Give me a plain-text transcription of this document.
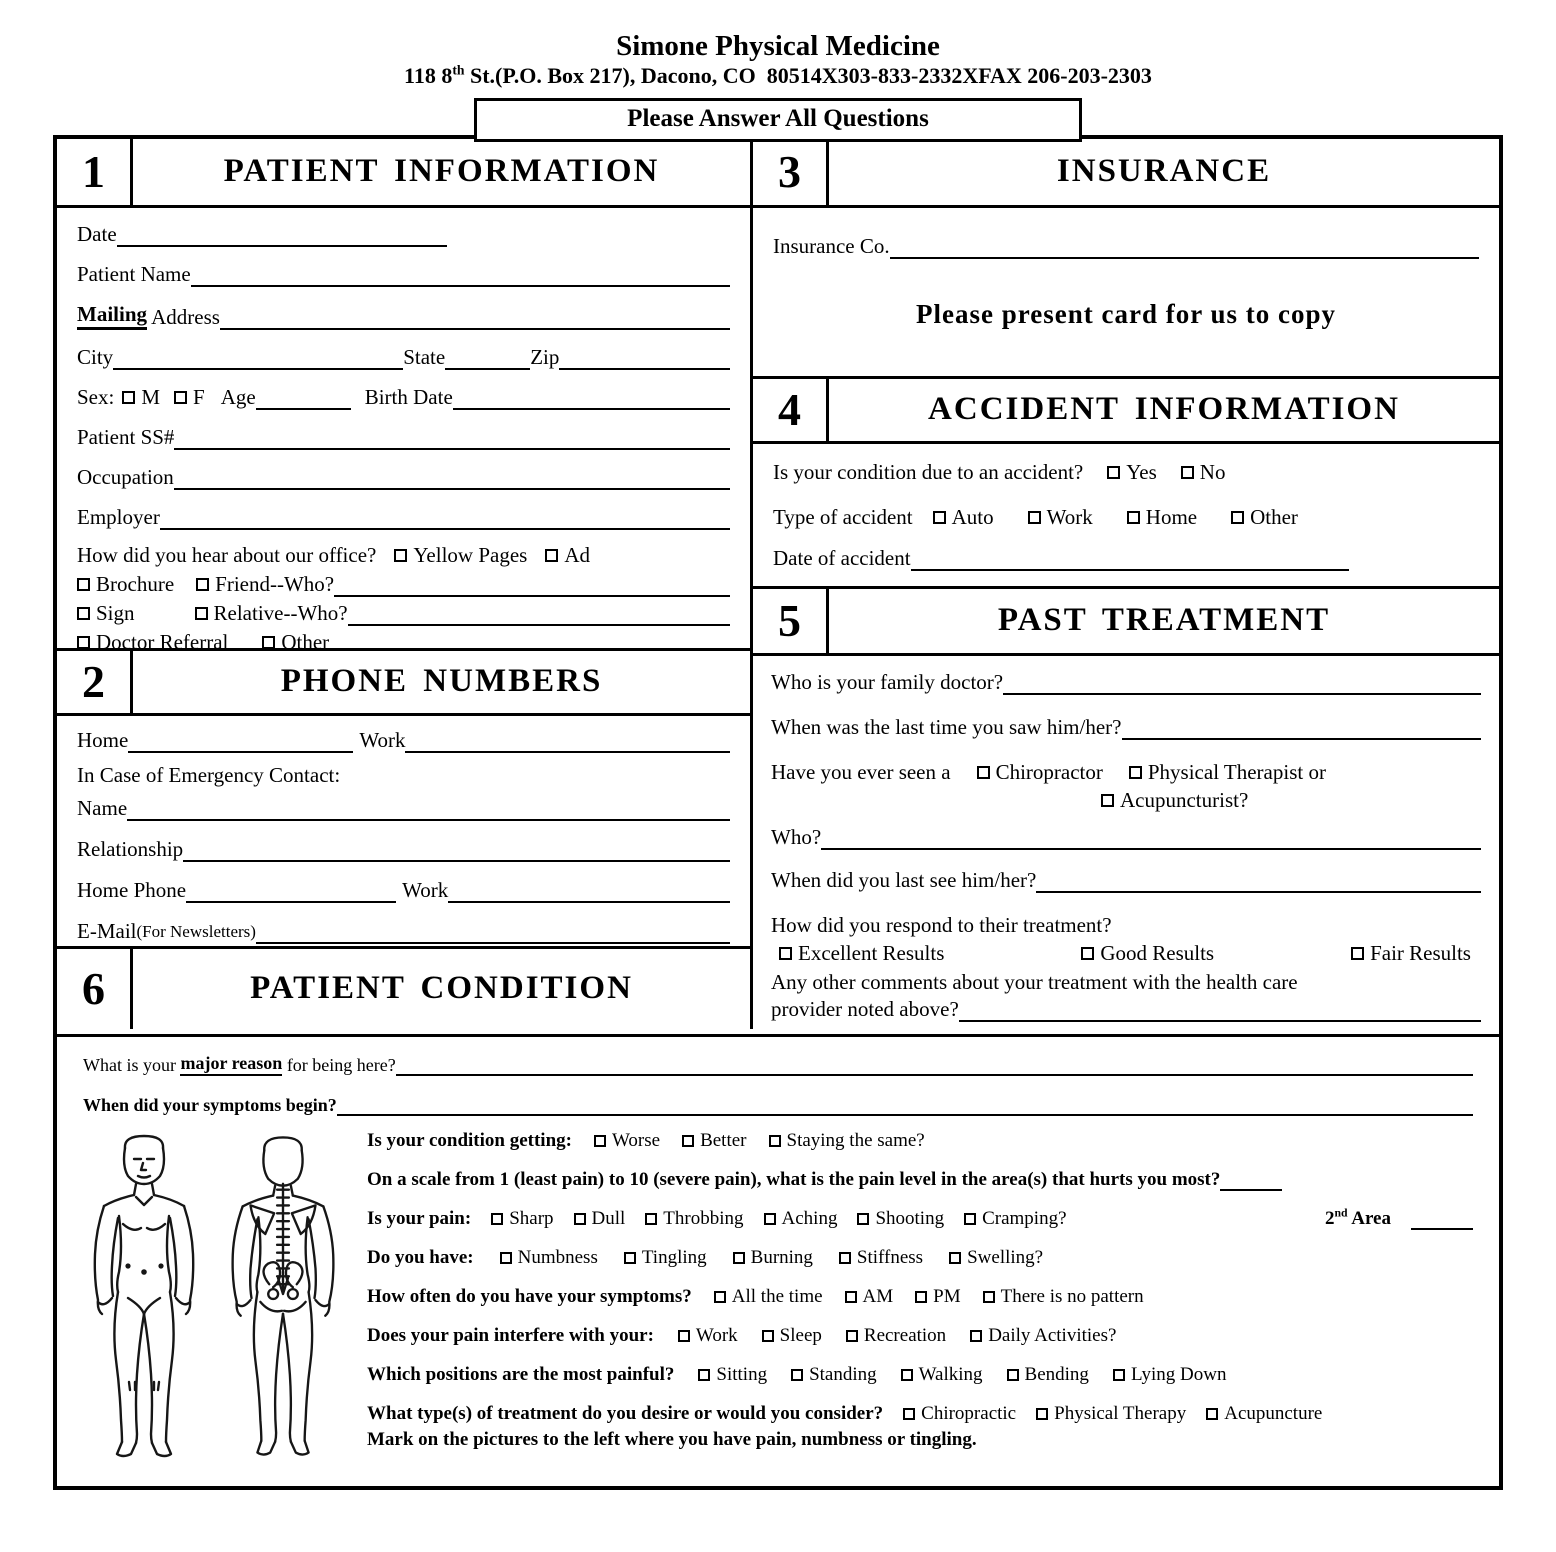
Simone Physical Medicine
118 8th St.(P.O. Box 217), Dacono, CO  80514X303-833-2332XFAX 206-203-2303
Please Answer All Questions
1	PATIENT INFORMATION
Date
Patient Name
Mailing Address
City	State	Zip
Sex: M F Age	Birth Date
Patient SS#
Occupation
Employer
How did you hear about our office? Yellow Pages Ad
Brochure Friend--Who?
Sign	Relative--Who?
Doctor Referral	Other
2	PHONE NUMBERS
Home	Work
In Case of Emergency Contact:
Name
Relationship
Home Phone	Work
E-Mail (For Newsletters)
6	PATIENT CONDITION
3	INSURANCE
Insurance Co.
Please present card for us to copy
4	ACCIDENT INFORMATION
Is your condition due to an accident? Yes No
Type of accident Auto	Work	Home	Other
Date of accident
5	PAST TREATMENT
Who is your family doctor?
When was the last time you saw him/her?
Have you ever seen a Chiropractor Physical Therapist or
Acupuncturist?
Who?
When did you last see him/her?
How did you respond to their treatment?
Excellent Results	Good Results	Fair Results
Any other comments about your treatment with the health care
provider noted above?
What is your major reason for being here?
When did your symptoms begin?
Is your condition getting: Worse Better Staying the same?
On a scale from 1 (least pain) to 10 (severe pain), what is the pain level in the area(s) that hurts you most?
Is your pain: Sharp Dull Throbbing Aching Shooting Cramping?	2nd Area
Do you have: Numbness Tingling Burning Stiffness Swelling?
How often do you have your symptoms? All the time AM PM There is no pattern
Does your pain interfere with your: Work Sleep Recreation Daily Activities?
Which positions are the most painful? Sitting Standing Walking Bending Lying Down
What type(s) of treatment do you desire or would you consider? Chiropractic Physical Therapy Acupuncture
Mark on the pictures to the left where you have pain, numbness or tingling.
